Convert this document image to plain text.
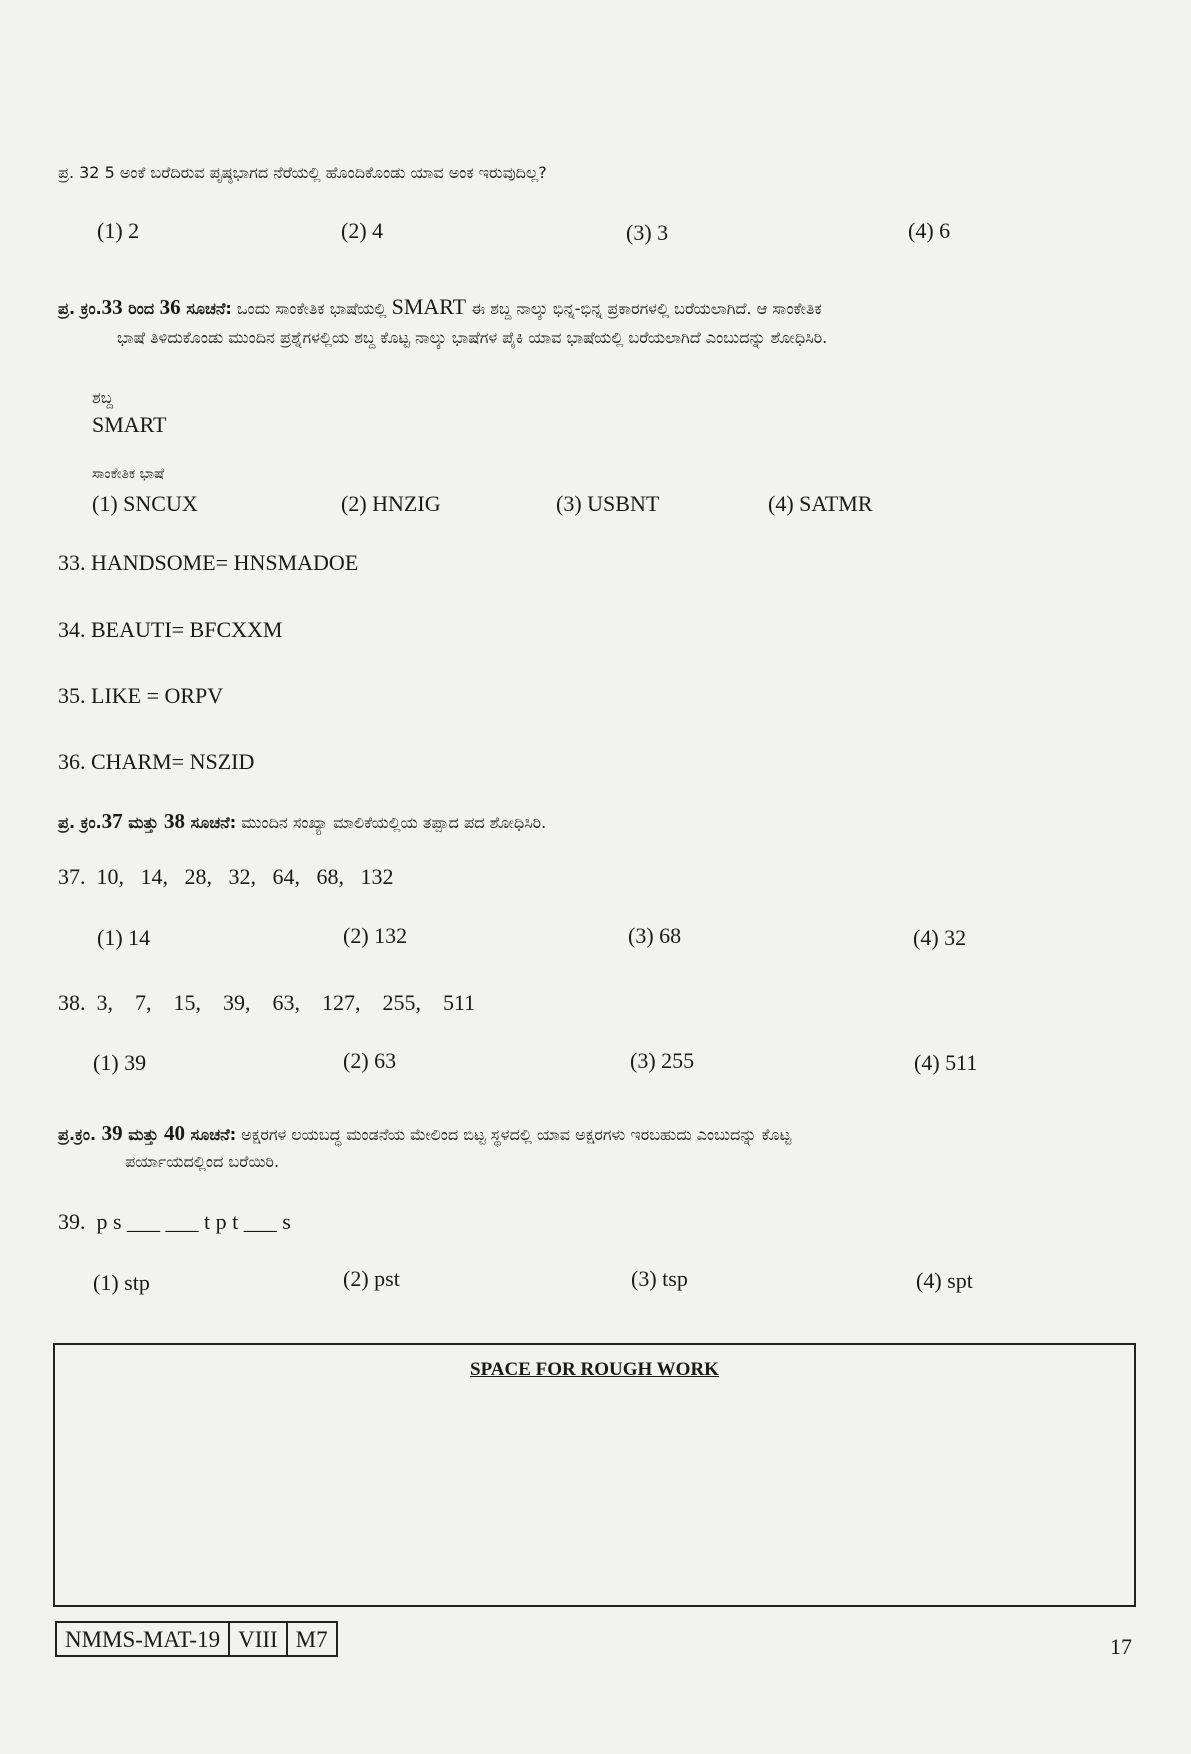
ಪ್ರ. 32 5 ಅಂಕೆ ಬರೆದಿರುವ ಪೃಷ್ಠಭಾಗದ ನೆರೆಯಲ್ಲಿ ಹೊಂದಿಕೊಂಡು ಯಾವ ಅಂಕ ಇರುವುದಿಲ್ಲ?
(1) 2	(2) 4	(3) 3	(4) 6
ಪ್ರ. ಕ್ರಂ.33 ರಿಂದ 36 ಸೂಚನೆ: ಒಂದು ಸಾಂಕೇತಿಕ ಭಾಷೆಯಲ್ಲಿ SMART ಈ ಶಬ್ದ ನಾಲ್ಕು ಭಿನ್ನ-ಭಿನ್ನ ಪ್ರಕಾರಗಳಲ್ಲಿ ಬರೆಯಲಾಗಿದೆ. ಆ ಸಾಂಕೇತಿಕ
ಭಾಷೆ ತಿಳಿದುಕೊಂಡು ಮುಂದಿನ ಪ್ರಶ್ನೆಗಳಲ್ಲಿಯ ಶಬ್ದ ಕೊಟ್ಟ ನಾಲ್ಕು ಭಾಷೆಗಳ ಪೈಕಿ ಯಾವ ಭಾಷೆಯಲ್ಲಿ ಬರೆಯಲಾಗಿದೆ ಎಂಬುದನ್ನು ಶೋಧಿಸಿರಿ.
ಶಬ್ದ
SMART
ಸಾಂಕೇತಿಕ ಭಾಷೆ
(1) SNCUX	(2) HNZIG	(3) USBNT	(4) SATMR
33. HANDSOME= HNSMADOE
34. BEAUTI= BFCXXM
35. LIKE = ORPV
36. CHARM= NSZID
ಪ್ರ. ಕ್ರಂ.37 ಮತ್ತು 38 ಸೂಚನೆ: ಮುಂದಿನ ಸಂಖ್ಯಾ ಮಾಲಿಕೆಯಲ್ಲಿಯ ತಪ್ಪಾದ ಪದ ಶೋಧಿಸಿರಿ.
37.  10,   14,   28,   32,   64,   68,   132
(1) 14	(2) 132	(3) 68	(4) 32
38.  3,    7,    15,    39,    63,    127,    255,    511
(1) 39	(2) 63	(3) 255	(4) 511
ಪ್ರ.ಕ್ರಂ. 39 ಮತ್ತು 40 ಸೂಚನೆ: ಅಕ್ಷರಗಳ ಲಯಬದ್ಧ ಮಂಡನೆಯ ಮೇಲಿಂದ ಬಿಟ್ಟ ಸ್ಥಳದಲ್ಲಿ ಯಾವ ಅಕ್ಷರಗಳು ಇರಬಹುದು ಎಂಬುದನ್ನು ಕೊಟ್ಟ
ಪರ್ಯಾಯದಲ್ಲಿಂದ ಬರೆಯಿರಿ.
39.  p s ___ ___ t p t ___ s
(1) stp	(2) pst	(3) tsp	(4) spt
SPACE FOR ROUGH WORK
NMMS-MAT-19 VIII M7	17
